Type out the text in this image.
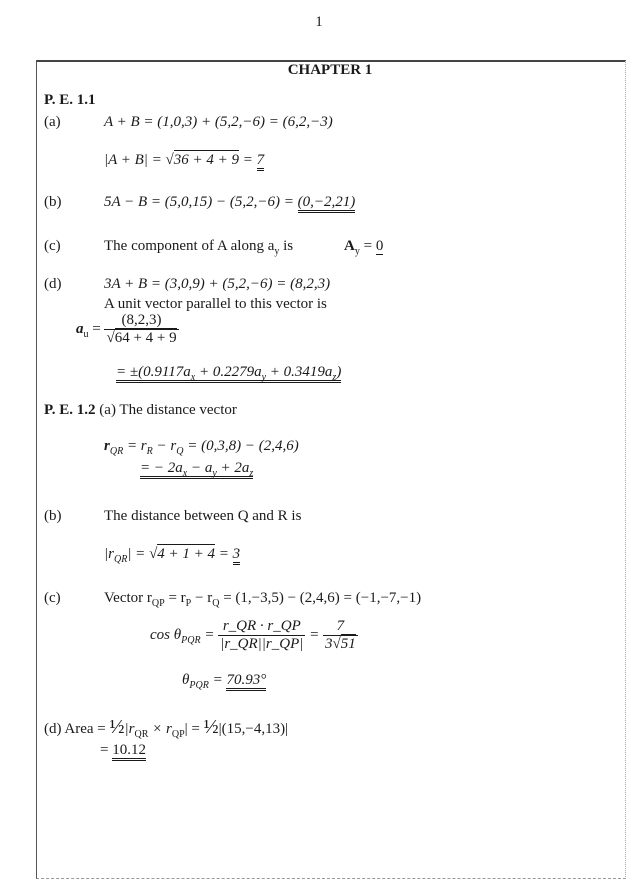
1
CHAPTER 1
P. E. 1.1
(a)	A + B = (1,0,3) + (5,2,−6) = (6,2,−3)
|A + B| = √36 + 4 + 9 = 7
(b)	5A − B = (5,0,15) − (5,2,−6) = (0,−2,21)
(c)	The component of A along $a_y$ is	$A_y = 0$
(d)	3A + B = (3,0,9) + (5,2,−6) = (8,2,3)
A unit vector parallel to this vector is
$a_u = \frac{(8,2,3)}{√64 + 4 + 9}$
= $\pm(0.9117a_x + 0.2279a_y + 0.3419a_z)$
P. E. 1.2 (a) The distance vector
$r_{QR} = r_R - r_Q = (0,3,8) - (2,4,6)$
= − $2a_x - a_y + 2a_z$
(b)	The distance between Q and R is
$|r_{QR}| = √4 + 1 + 4 = 3$
(c)	Vector $r_{QP} = r_P - r_Q = (1,-3,5) - (2,4,6) = (-1,-7,-1)$
$\cos \theta_{PQR} = \frac{r\_QR \cdot r\_QP}{|r\_QR||r\_QP|} = \frac{7}{3√51}$
$\theta_{PQR} = 70.93^\circ$
(d) Area = $\frac{1}{2}|r_{QR} \times r_{QP}|$ = ½|(15,−4,13)|
= 10.12
